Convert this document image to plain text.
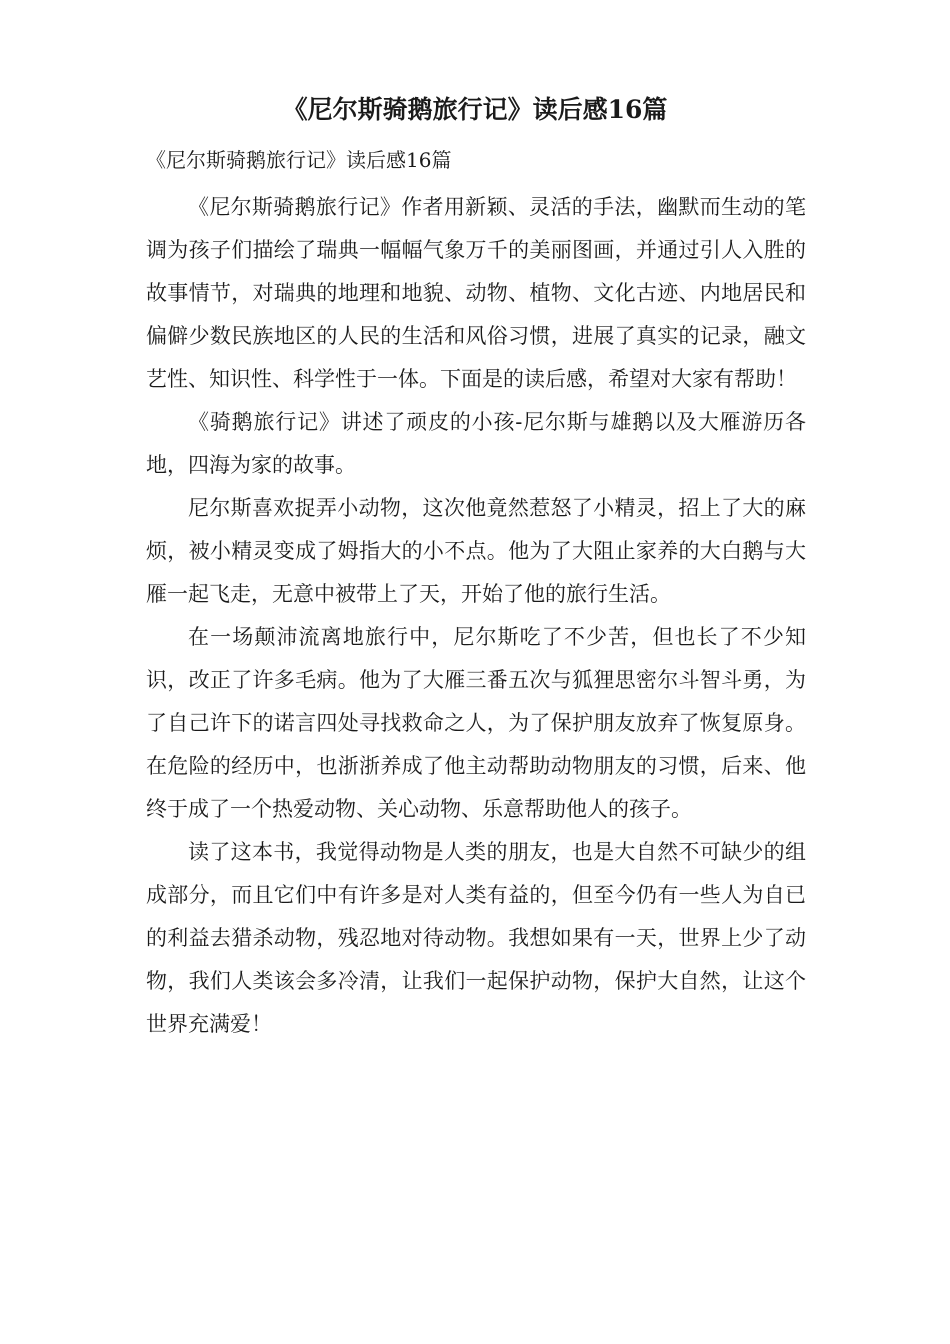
《尼尔斯骑鹅旅行记》读后感16篇
《尼尔斯骑鹅旅行记》读后感16篇

《尼尔斯骑鹅旅行记》作者用新颖、灵活的手法，幽默而生动的笔调为孩子们描绘了瑞典一幅幅气象万千的美丽图画，并通过引人入胜的故事情节，对瑞典的地理和地貌、动物、植物、文化古迹、内地居民和偏僻少数民族地区的人民的生活和风俗习惯，进展了真实的记录，融文艺性、知识性、科学性于一体。下面是的读后感，希望对大家有帮助！

《骑鹅旅行记》讲述了顽皮的小孩-尼尔斯与雄鹅以及大雁游历各地，四海为家的故事。

尼尔斯喜欢捉弄小动物，这次他竟然惹怒了小精灵，招上了大的麻烦，被小精灵变成了姆指大的小不点。他为了大阻止家养的大白鹅与大雁一起飞走，无意中被带上了天，开始了他的旅行生活。

在一场颠沛流离地旅行中，尼尔斯吃了不少苦，但也长了不少知识，改正了许多毛病。他为了大雁三番五次与狐狸思密尔斗智斗勇，为了自己许下的诺言四处寻找救命之人，为了保护朋友放弃了恢复原身。在危险的经历中，也浙浙养成了他主动帮助动物朋友的习惯，后来、他终于成了一个热爱动物、关心动物、乐意帮助他人的孩子。

读了这本书，我觉得动物是人类的朋友，也是大自然不可缺少的组成部分，而且它们中有许多是对人类有益的，但至今仍有一些人为自已的利益去猎杀动物，残忍地对待动物。我想如果有一天，世界上少了动物，我们人类该会多冷清，让我们一起保护动物，保护大自然，让这个世界充满爱！
